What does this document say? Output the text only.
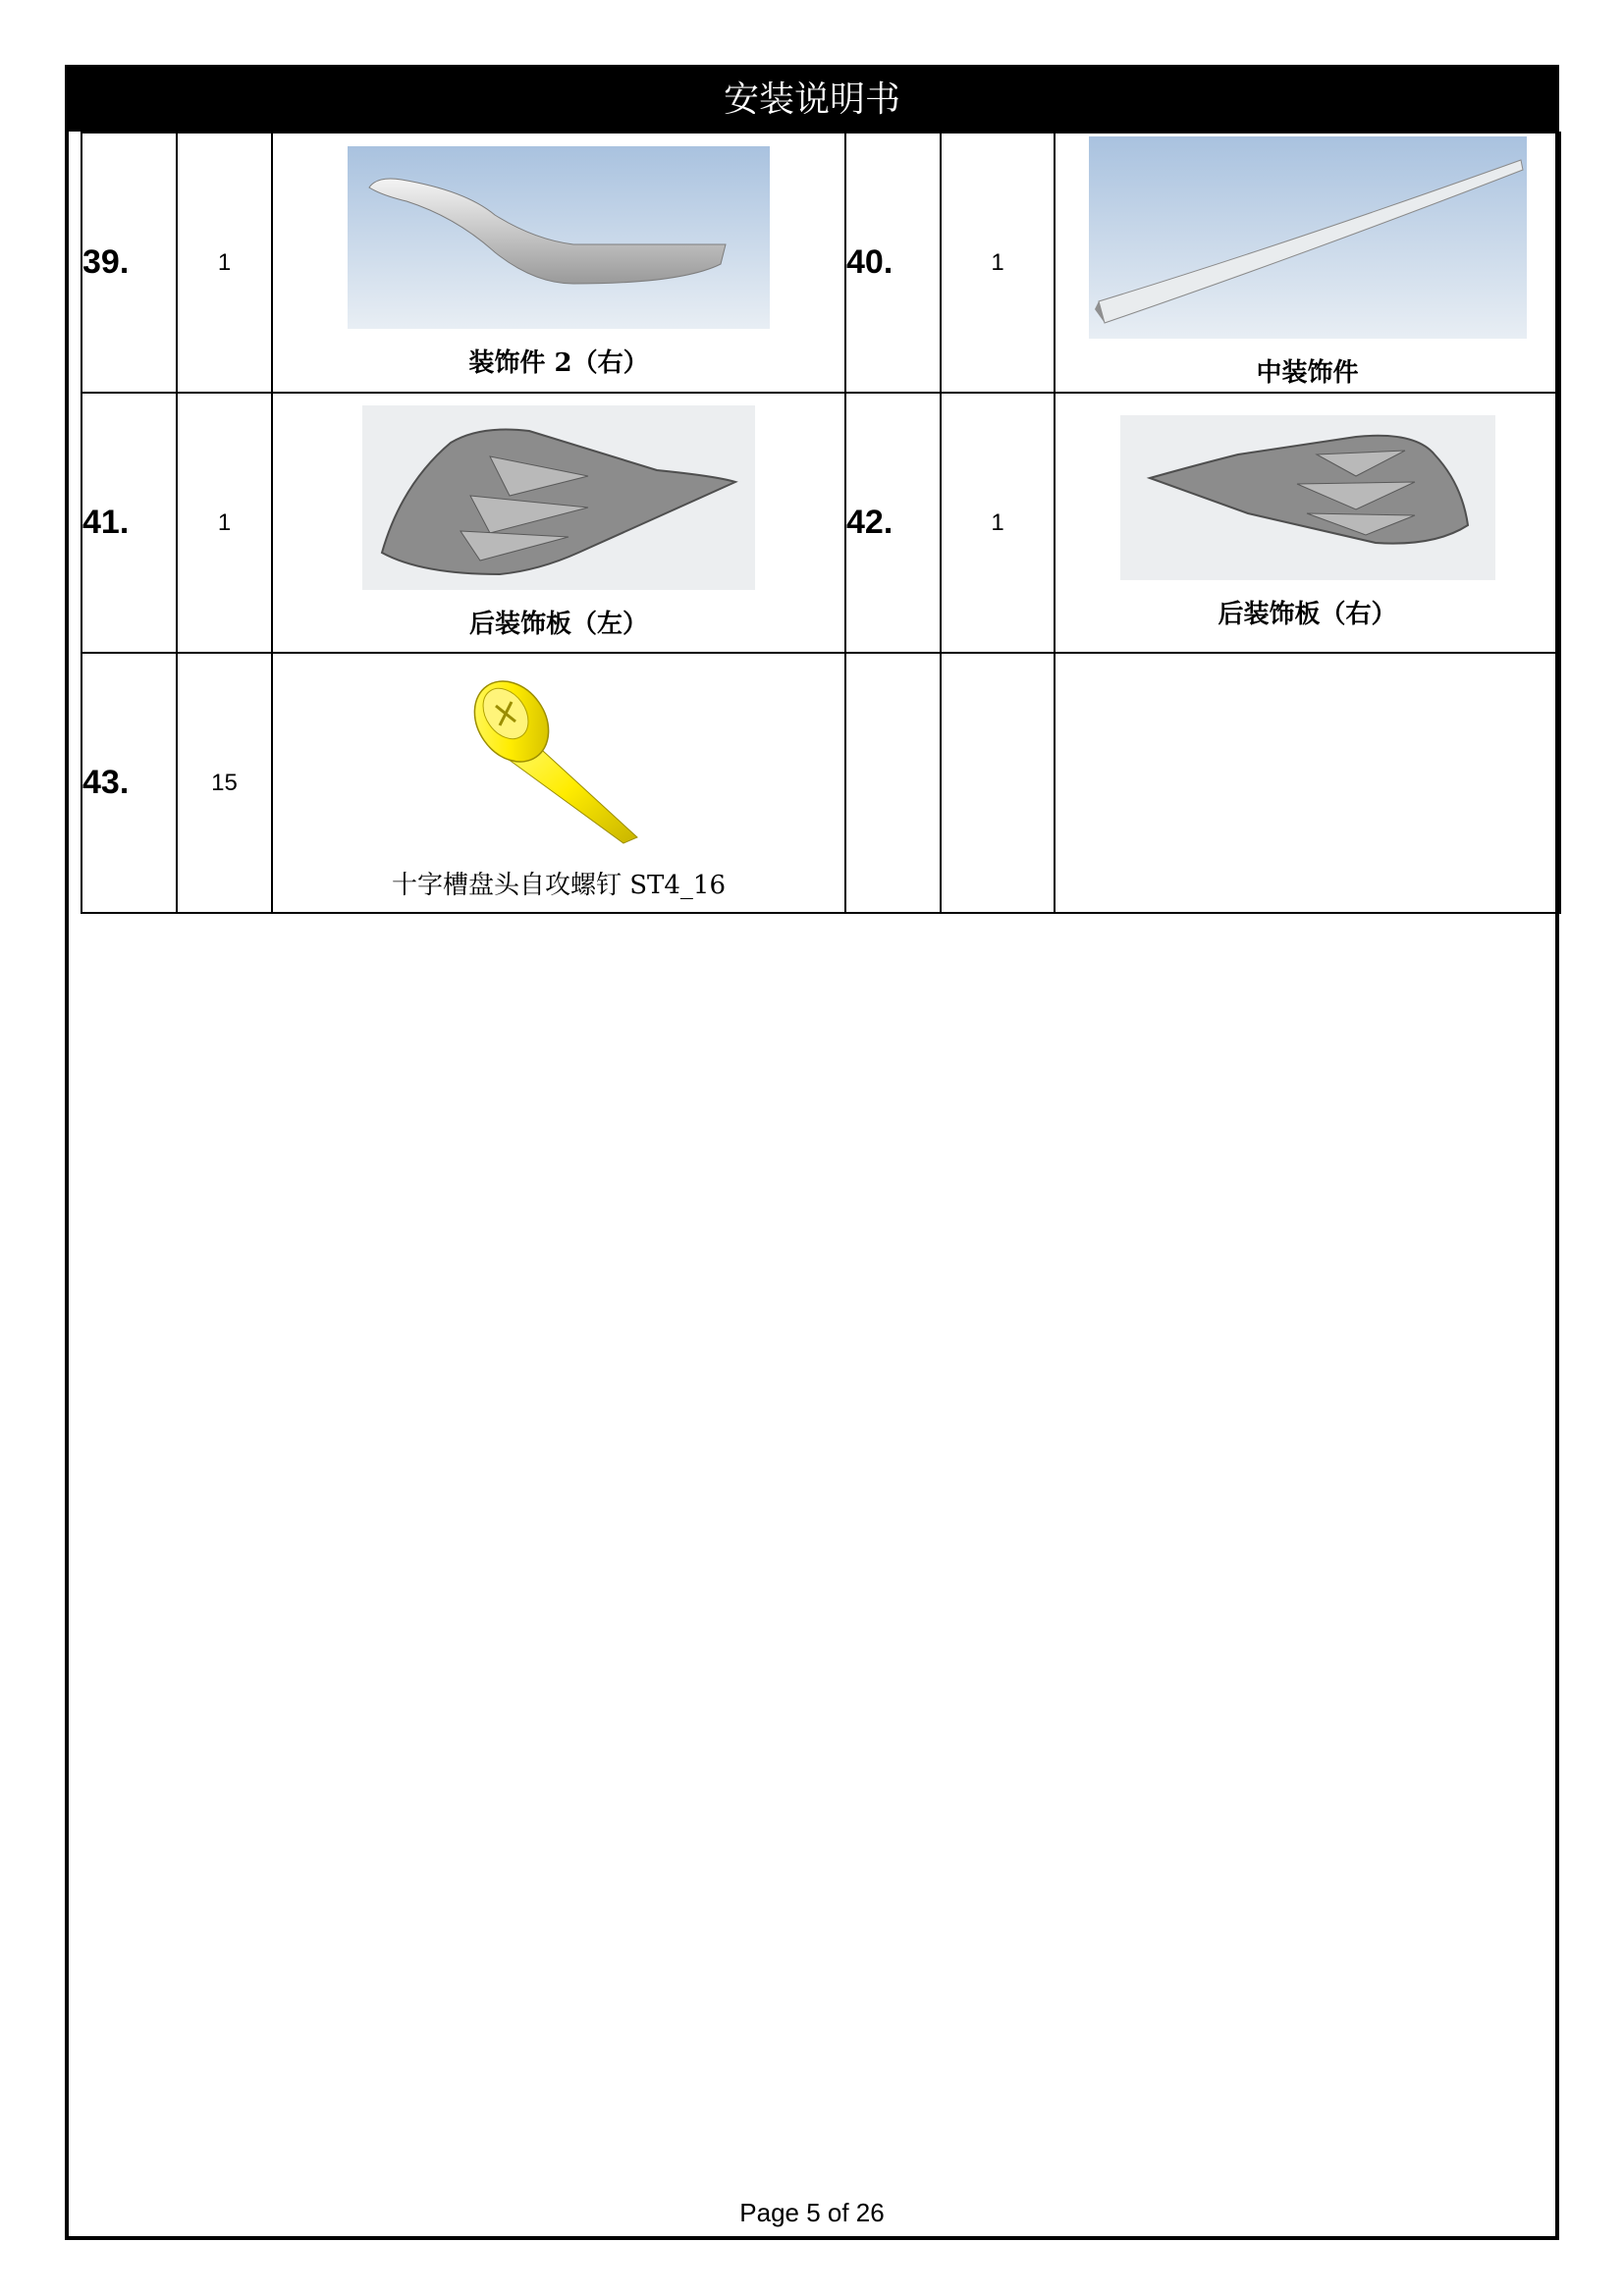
安装说明书
39.	1	装饰件 2（右）	40.	1	中装饰件

41.	1	后装饰板（左）	42.	1	后装饰板（右）

43.	15	十字槽盘头自攻螺钉 ST4_16			

Page 5 of 26
